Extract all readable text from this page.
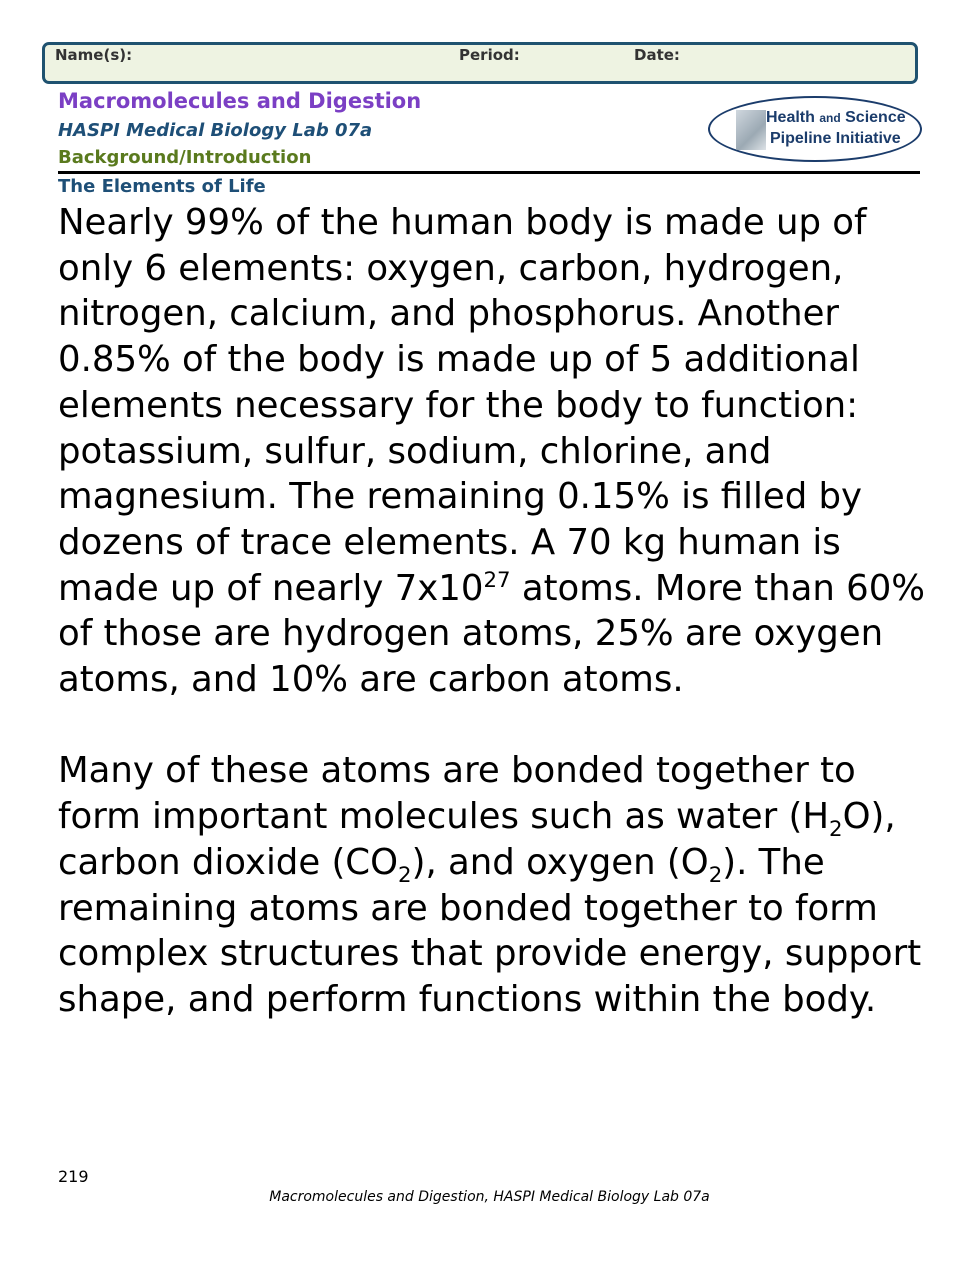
Name(s):	Period:	Date:
Macromolecules and Digestion
HASPI Medical Biology Lab 07a
Background/Introduction
Health and Science
Pipeline Initiative
The Elements of Life

Nearly 99% of the human body is made up of only 6 elements: oxygen, carbon, hydrogen, nitrogen, calcium, and phosphorus. Another 0.85% of the body is made up of 5 additional elements necessary for the body to function: potassium, sulfur, sodium, chlorine, and magnesium. The remaining 0.15% is filled by dozens of trace elements. A 70 kg human is made up of nearly $7x10^{27}$ atoms. More than 60% of those are hydrogen atoms, 25% are oxygen atoms, and 10% are carbon atoms.

Many of these atoms are bonded together to form important molecules such as water $(H_2O)$, carbon dioxide $(CO_2)$, and oxygen $(O_2)$. The remaining atoms are bonded together to form complex structures that provide energy, support shape, and perform functions within the body.

219
Macromolecules and Digestion, HASPI Medical Biology Lab 07a
